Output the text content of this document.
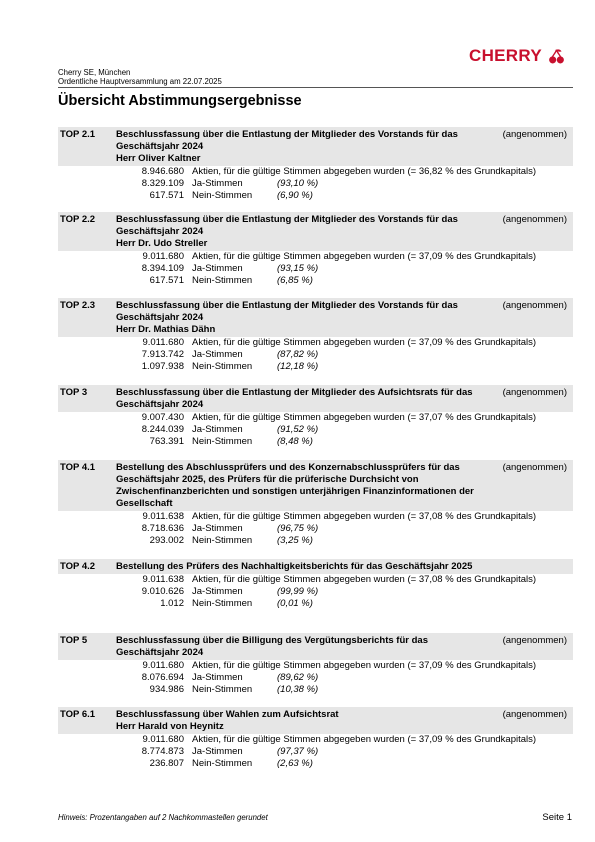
CHERRY
Cherry SE, München
Ordentliche Hauptversammlung am 22.07.2025
Übersicht Abstimmungsergebnisse
TOP 2.1 Beschlussfassung über die Entlastung der Mitglieder des Vorstands für das Geschäftsjahr 2024
Herr Oliver Kaltner
(angenommen)
8.946.680 Aktien, für die gültige Stimmen abgegeben wurden (= 36,82 % des Grundkapitals)
8.329.109 Ja-Stimmen	(93,10 %)
617.571 Nein-Stimmen	(6,90 %)
TOP 2.2 Beschlussfassung über die Entlastung der Mitglieder des Vorstands für das Geschäftsjahr 2024
Herr Dr. Udo Streller
(angenommen)
9.011.680 Aktien, für die gültige Stimmen abgegeben wurden (= 37,09 % des Grundkapitals)
8.394.109 Ja-Stimmen	(93,15 %)
617.571 Nein-Stimmen	(6,85 %)
TOP 2.3 Beschlussfassung über die Entlastung der Mitglieder des Vorstands für das Geschäftsjahr 2024
Herr Dr. Mathias Dähn
(angenommen)
9.011.680 Aktien, für die gültige Stimmen abgegeben wurden (= 37,09 % des Grundkapitals)
7.913.742 Ja-Stimmen	(87,82 %)
1.097.938 Nein-Stimmen	(12,18 %)
TOP 3	Beschlussfassung über die Entlastung der Mitglieder des Aufsichtsrats für das Geschäftsjahr 2024
(angenommen)
9.007.430 Aktien, für die gültige Stimmen abgegeben wurden (= 37,07 % des Grundkapitals)
8.244.039 Ja-Stimmen	(91,52 %)
763.391 Nein-Stimmen	(8,48 %)
TOP 4.1 Bestellung des Abschlussprüfers und des Konzernabschlussprüfers für das Geschäftsjahr 2025, des Prüfers für die prüferische Durchsicht von Zwischenfinanzberichten und sonstigen unterjährigen Finanzinformationen der Gesellschaft
(angenommen)
9.011.638 Aktien, für die gültige Stimmen abgegeben wurden (= 37,08 % des Grundkapitals)
8.718.636 Ja-Stimmen	(96,75 %)
293.002 Nein-Stimmen	(3,25 %)
TOP 4.2 Bestellung des Prüfers des Nachhaltigkeitsberichts für das Geschäftsjahr 2025
9.011.638 Aktien, für die gültige Stimmen abgegeben wurden (= 37,08 % des Grundkapitals)
9.010.626 Ja-Stimmen	(99,99 %)
1.012 Nein-Stimmen	(0,01 %)
TOP 5	Beschlussfassung über die Billigung des Vergütungsberichts für das Geschäftsjahr 2024
(angenommen)
9.011.680 Aktien, für die gültige Stimmen abgegeben wurden (= 37,09 % des Grundkapitals)
8.076.694 Ja-Stimmen	(89,62 %)
934.986 Nein-Stimmen	(10,38 %)
TOP 6.1 Beschlussfassung über Wahlen zum Aufsichtsrat
Herr Harald von Heynitz
(angenommen)
9.011.680 Aktien, für die gültige Stimmen abgegeben wurden (= 37,09 % des Grundkapitals)
8.774.873 Ja-Stimmen	(97,37 %)
236.807 Nein-Stimmen	(2,63 %)
Hinweis: Prozentangaben auf 2 Nachkommastellen gerundet	Seite 1
